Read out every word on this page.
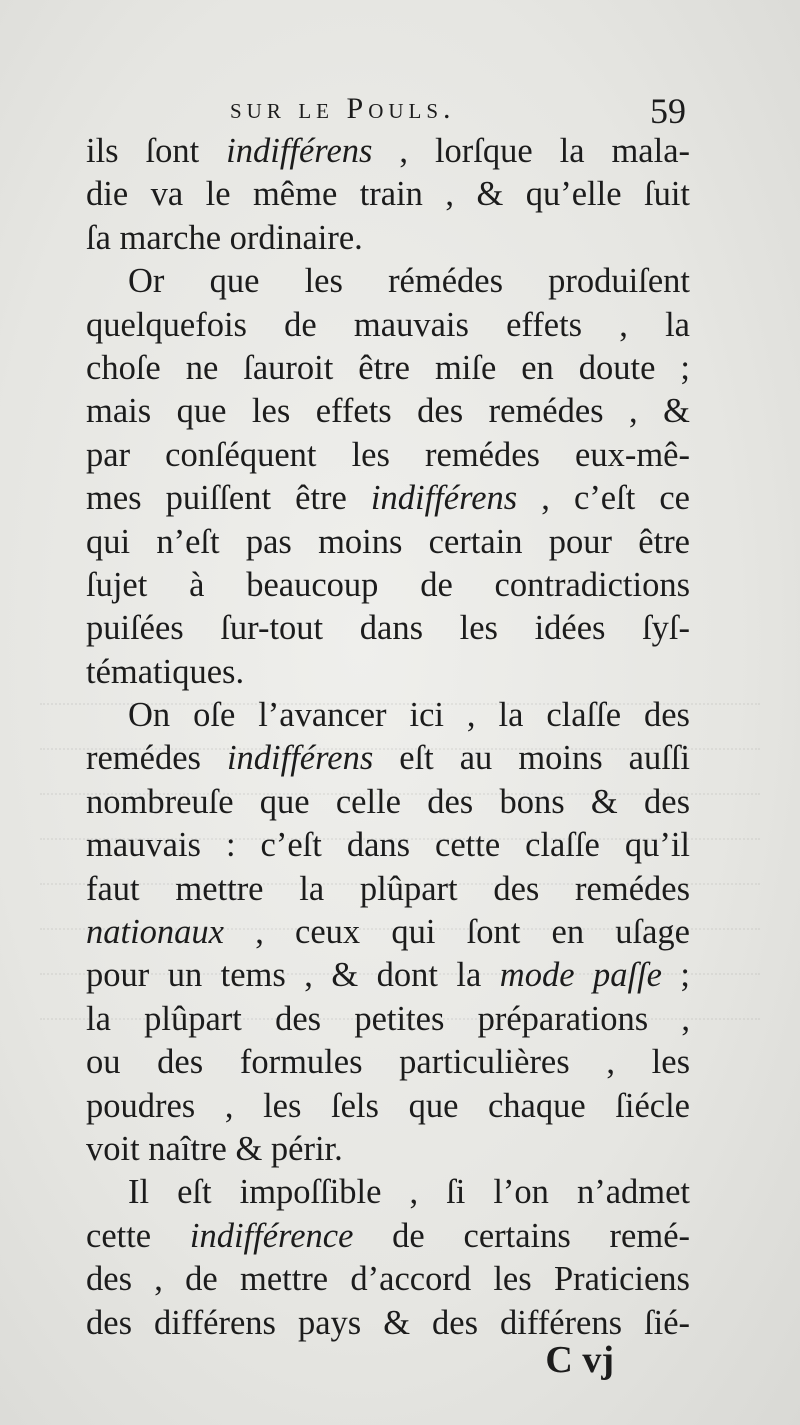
sur le Pouls.	59
ils ſont indifférens , lorſque la mala-
die va le même train , & qu’elle ſuit
ſa marche ordinaire.
Or que les rémédes produiſent
quelquefois de mauvais effets , la
choſe ne ſauroit être miſe en doute ;
mais que les effets des remédes , &
par conſéquent les remédes eux-mê-
mes puiſſent être indifférens , c’eſt ce
qui n’eſt pas moins certain pour être
ſujet à beaucoup de contradictions
puiſées ſur-tout dans les idées ſyſ-
tématiques.
On oſe l’avancer ici , la claſſe des
remédes indifférens eſt au moins auſſi
nombreuſe que celle des bons & des
mauvais : c’eſt dans cette claſſe qu’il
faut mettre la plûpart des remédes
nationaux , ceux qui ſont en uſage
pour un tems , & dont la mode paſſe ;
la plûpart des petites préparations ,
ou des formules particulières , les
poudres , les ſels que chaque ſiécle
voit naître & périr.
Il eſt impoſſible , ſi l’on n’admet
cette indifférence de certains remé-
des , de mettre d’accord les Praticiens
des différens pays & des différens ſié-
C vj
